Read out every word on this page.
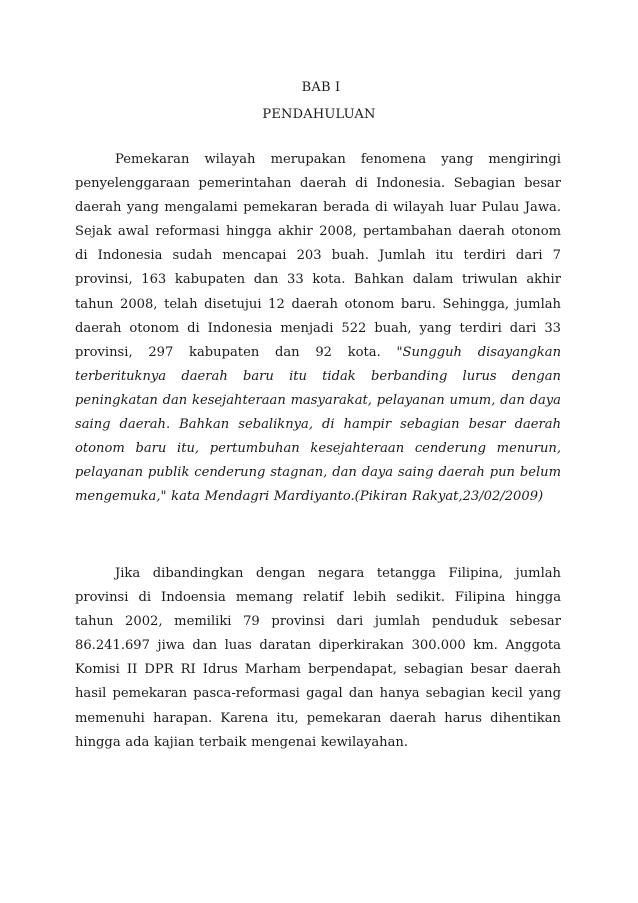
BAB I
PENDAHULUAN

Pemekaran wilayah merupakan fenomena yang mengiringi penyelenggaraan pemerintahan daerah di Indonesia. Sebagian besar daerah yang mengalami pemekaran berada di wilayah luar Pulau Jawa. Sejak awal reformasi hingga akhir 2008, pertambahan daerah otonom di Indonesia sudah mencapai 203 buah. Jumlah itu terdiri dari 7 provinsi, 163 kabupaten dan 33 kota. Bahkan dalam triwulan akhir tahun 2008, telah disetujui 12 daerah otonom baru. Sehingga, jumlah daerah otonom di Indonesia menjadi 522 buah, yang terdiri dari 33 provinsi, 297 kabupaten dan 92 kota. "Sungguh disayangkan terberituknya daerah baru itu tidak berbanding lurus dengan peningkatan dan kesejahteraan masyarakat, pelayanan umum, dan daya saing daerah. Bahkan sebaliknya, di hampir sebagian besar daerah otonom baru itu, pertumbuhan kesejahteraan cenderung menurun, pelayanan publik cenderung stagnan, dan daya saing daerah pun belum mengemuka," kata Mendagri Mardiyanto.(Pikiran Rakyat,23/02/2009)

Jika dibandingkan dengan negara tetangga Filipina, jumlah provinsi di Indoensia memang relatif lebih sedikit. Filipina hingga tahun 2002, memiliki 79 provinsi dari jumlah penduduk sebesar 86.241.697 jiwa dan luas daratan diperkirakan 300.000 km. Anggota Komisi II DPR RI Idrus Marham berpendapat, sebagian besar daerah hasil pemekaran pasca-reformasi gagal dan hanya sebagian kecil yang memenuhi harapan. Karena itu, pemekaran daerah harus dihentikan hingga ada kajian terbaik mengenai kewilayahan.
